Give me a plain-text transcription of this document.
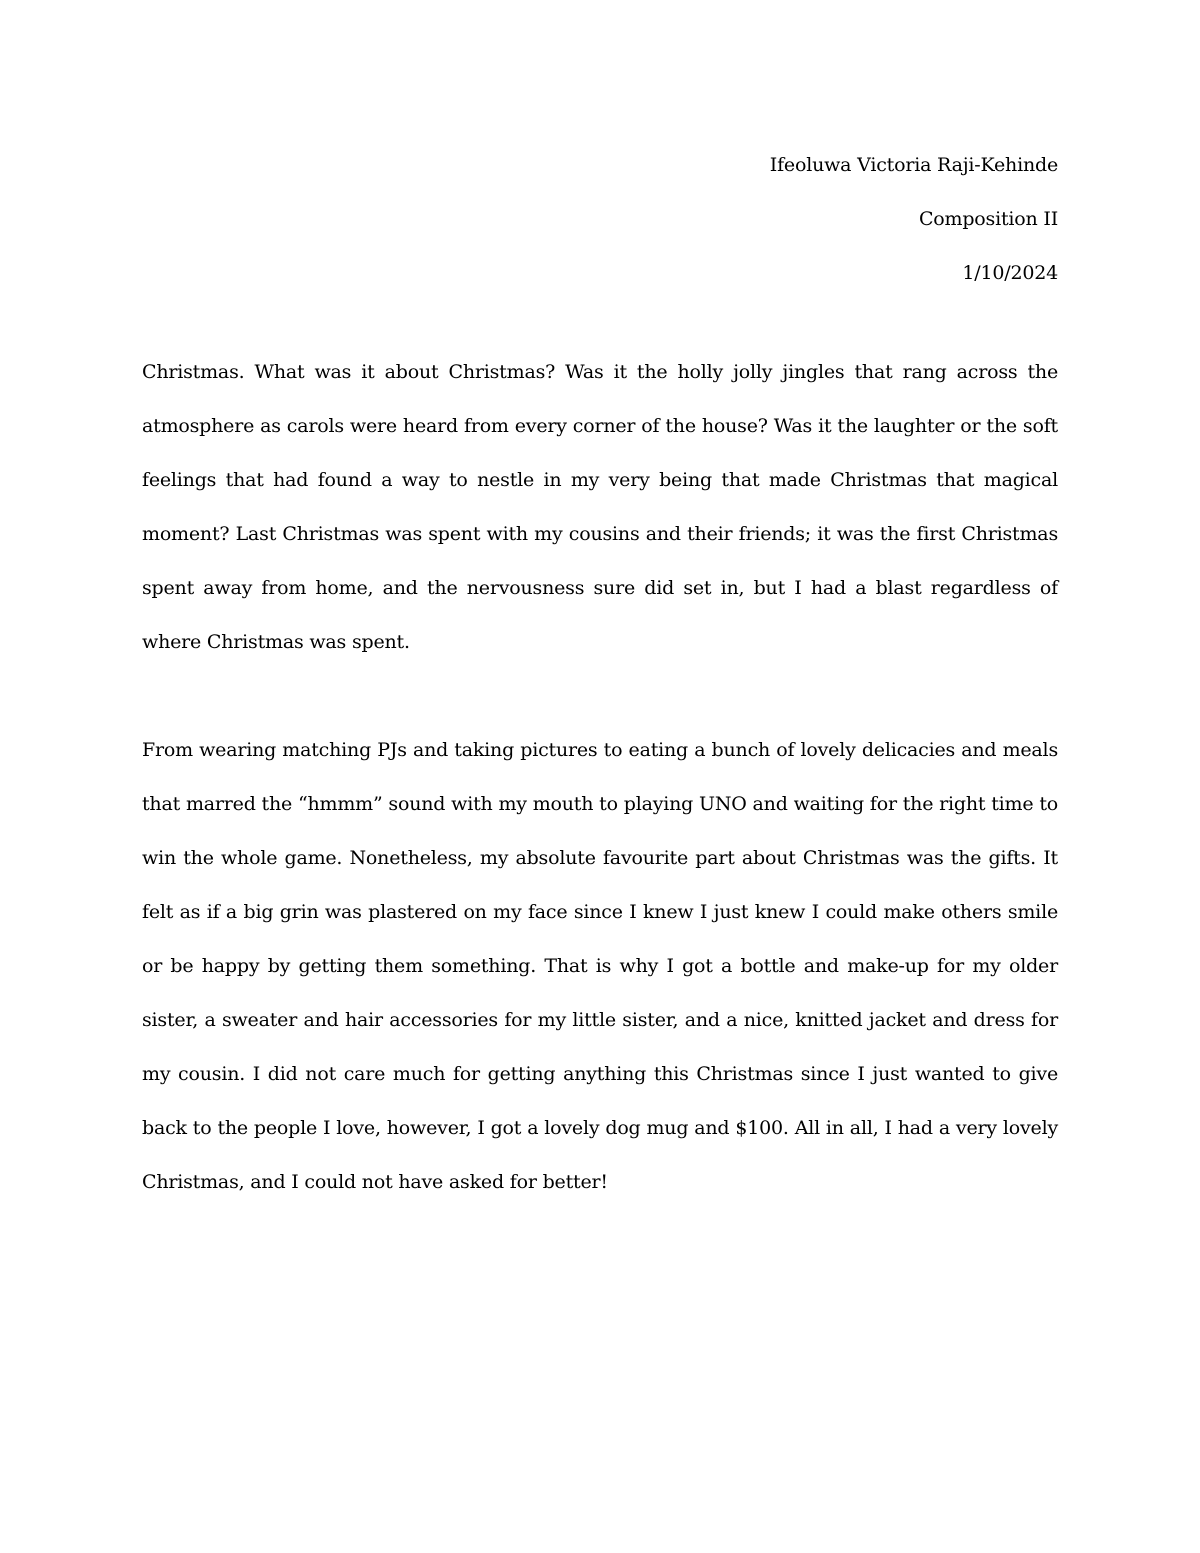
Ifeoluwa Victoria Raji-Kehinde
Composition II
1/10/2024

Christmas. What was it about Christmas? Was it the holly jolly jingles that rang across the atmosphere as carols were heard from every corner of the house? Was it the laughter or the soft feelings that had found a way to nestle in my very being that made Christmas that magical moment? Last Christmas was spent with my cousins and their friends; it was the first Christmas spent away from home, and the nervousness sure did set in, but I had a blast regardless of where Christmas was spent.

From wearing matching PJs and taking pictures to eating a bunch of lovely delicacies and meals that marred the “hmmm” sound with my mouth to playing UNO and waiting for the right time to win the whole game. Nonetheless, my absolute favourite part about Christmas was the gifts. It felt as if a big grin was plastered on my face since I knew I just knew I could make others smile or be happy by getting them something. That is why I got a bottle and make-up for my older sister, a sweater and hair accessories for my little sister, and a nice, knitted jacket and dress for my cousin. I did not care much for getting anything this Christmas since I just wanted to give back to the people I love, however, I got a lovely dog mug and $100. All in all, I had a very lovely Christmas, and I could not have asked for better!
